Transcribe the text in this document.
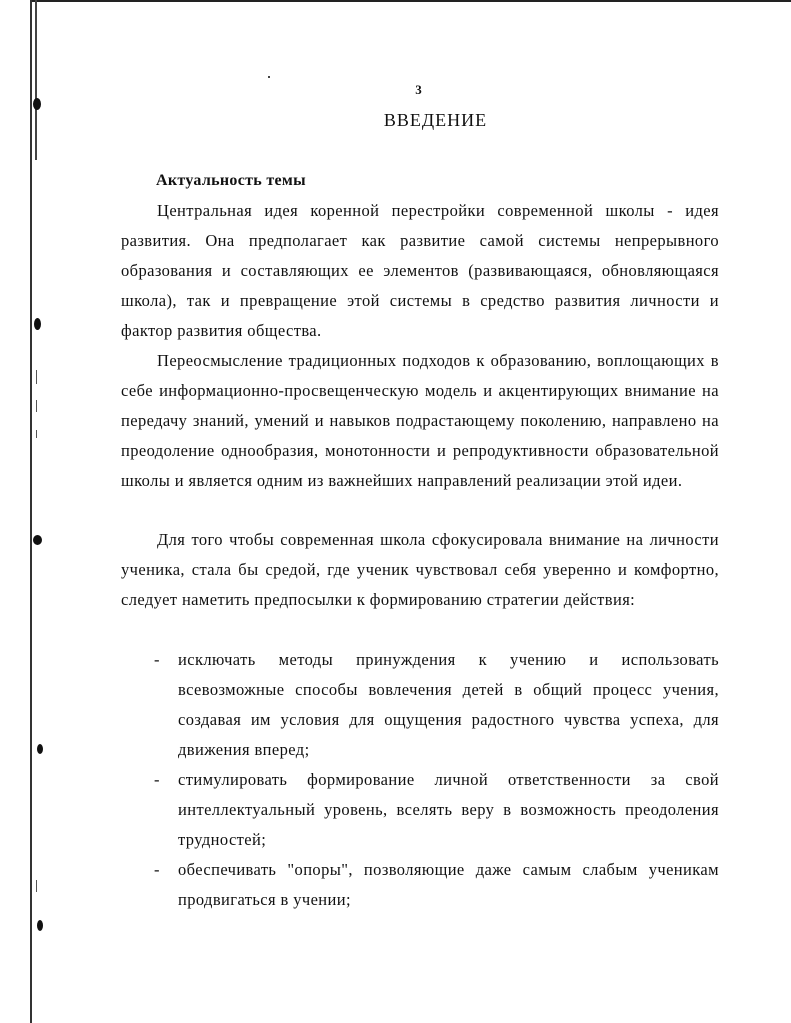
3
ВВЕДЕНИЕ
Актуальность темы

Центральная идея коренной перестройки современной школы - идея развития. Она предполагает как развитие самой системы непрерывного образования и составляющих ее элементов (развивающаяся, обновляющаяся школа), так и превращение этой системы в средство развития личности и фактор развития общества.

Переосмысление традиционных подходов к образованию, воплощающих в себе информационно-просвещенческую модель и акцентирующих внимание на передачу знаний, умений и навыков подрастающему поколению, направлено на преодоление однообразия, монотонности и репродуктивности образовательной школы и является одним из важнейших направлений реализации этой идеи.

Для того чтобы современная школа сфокусировала внимание на личности ученика, стала бы средой, где ученик чувствовал себя уверенно и комфортно, следует наметить предпосылки к формированию стратегии действия:

- исключать методы принуждения к учению и использовать всевозможные способы вовлечения детей в общий процесс учения, создавая им условия для ощущения радостного чувства успеха, для движения вперед;
- стимулировать формирование личной ответственности за свой интеллектуальный уровень, вселять веру в возможность преодоления трудностей;
- обеспечивать "опоры", позволяющие даже самым слабым ученикам продвигаться в учении;
